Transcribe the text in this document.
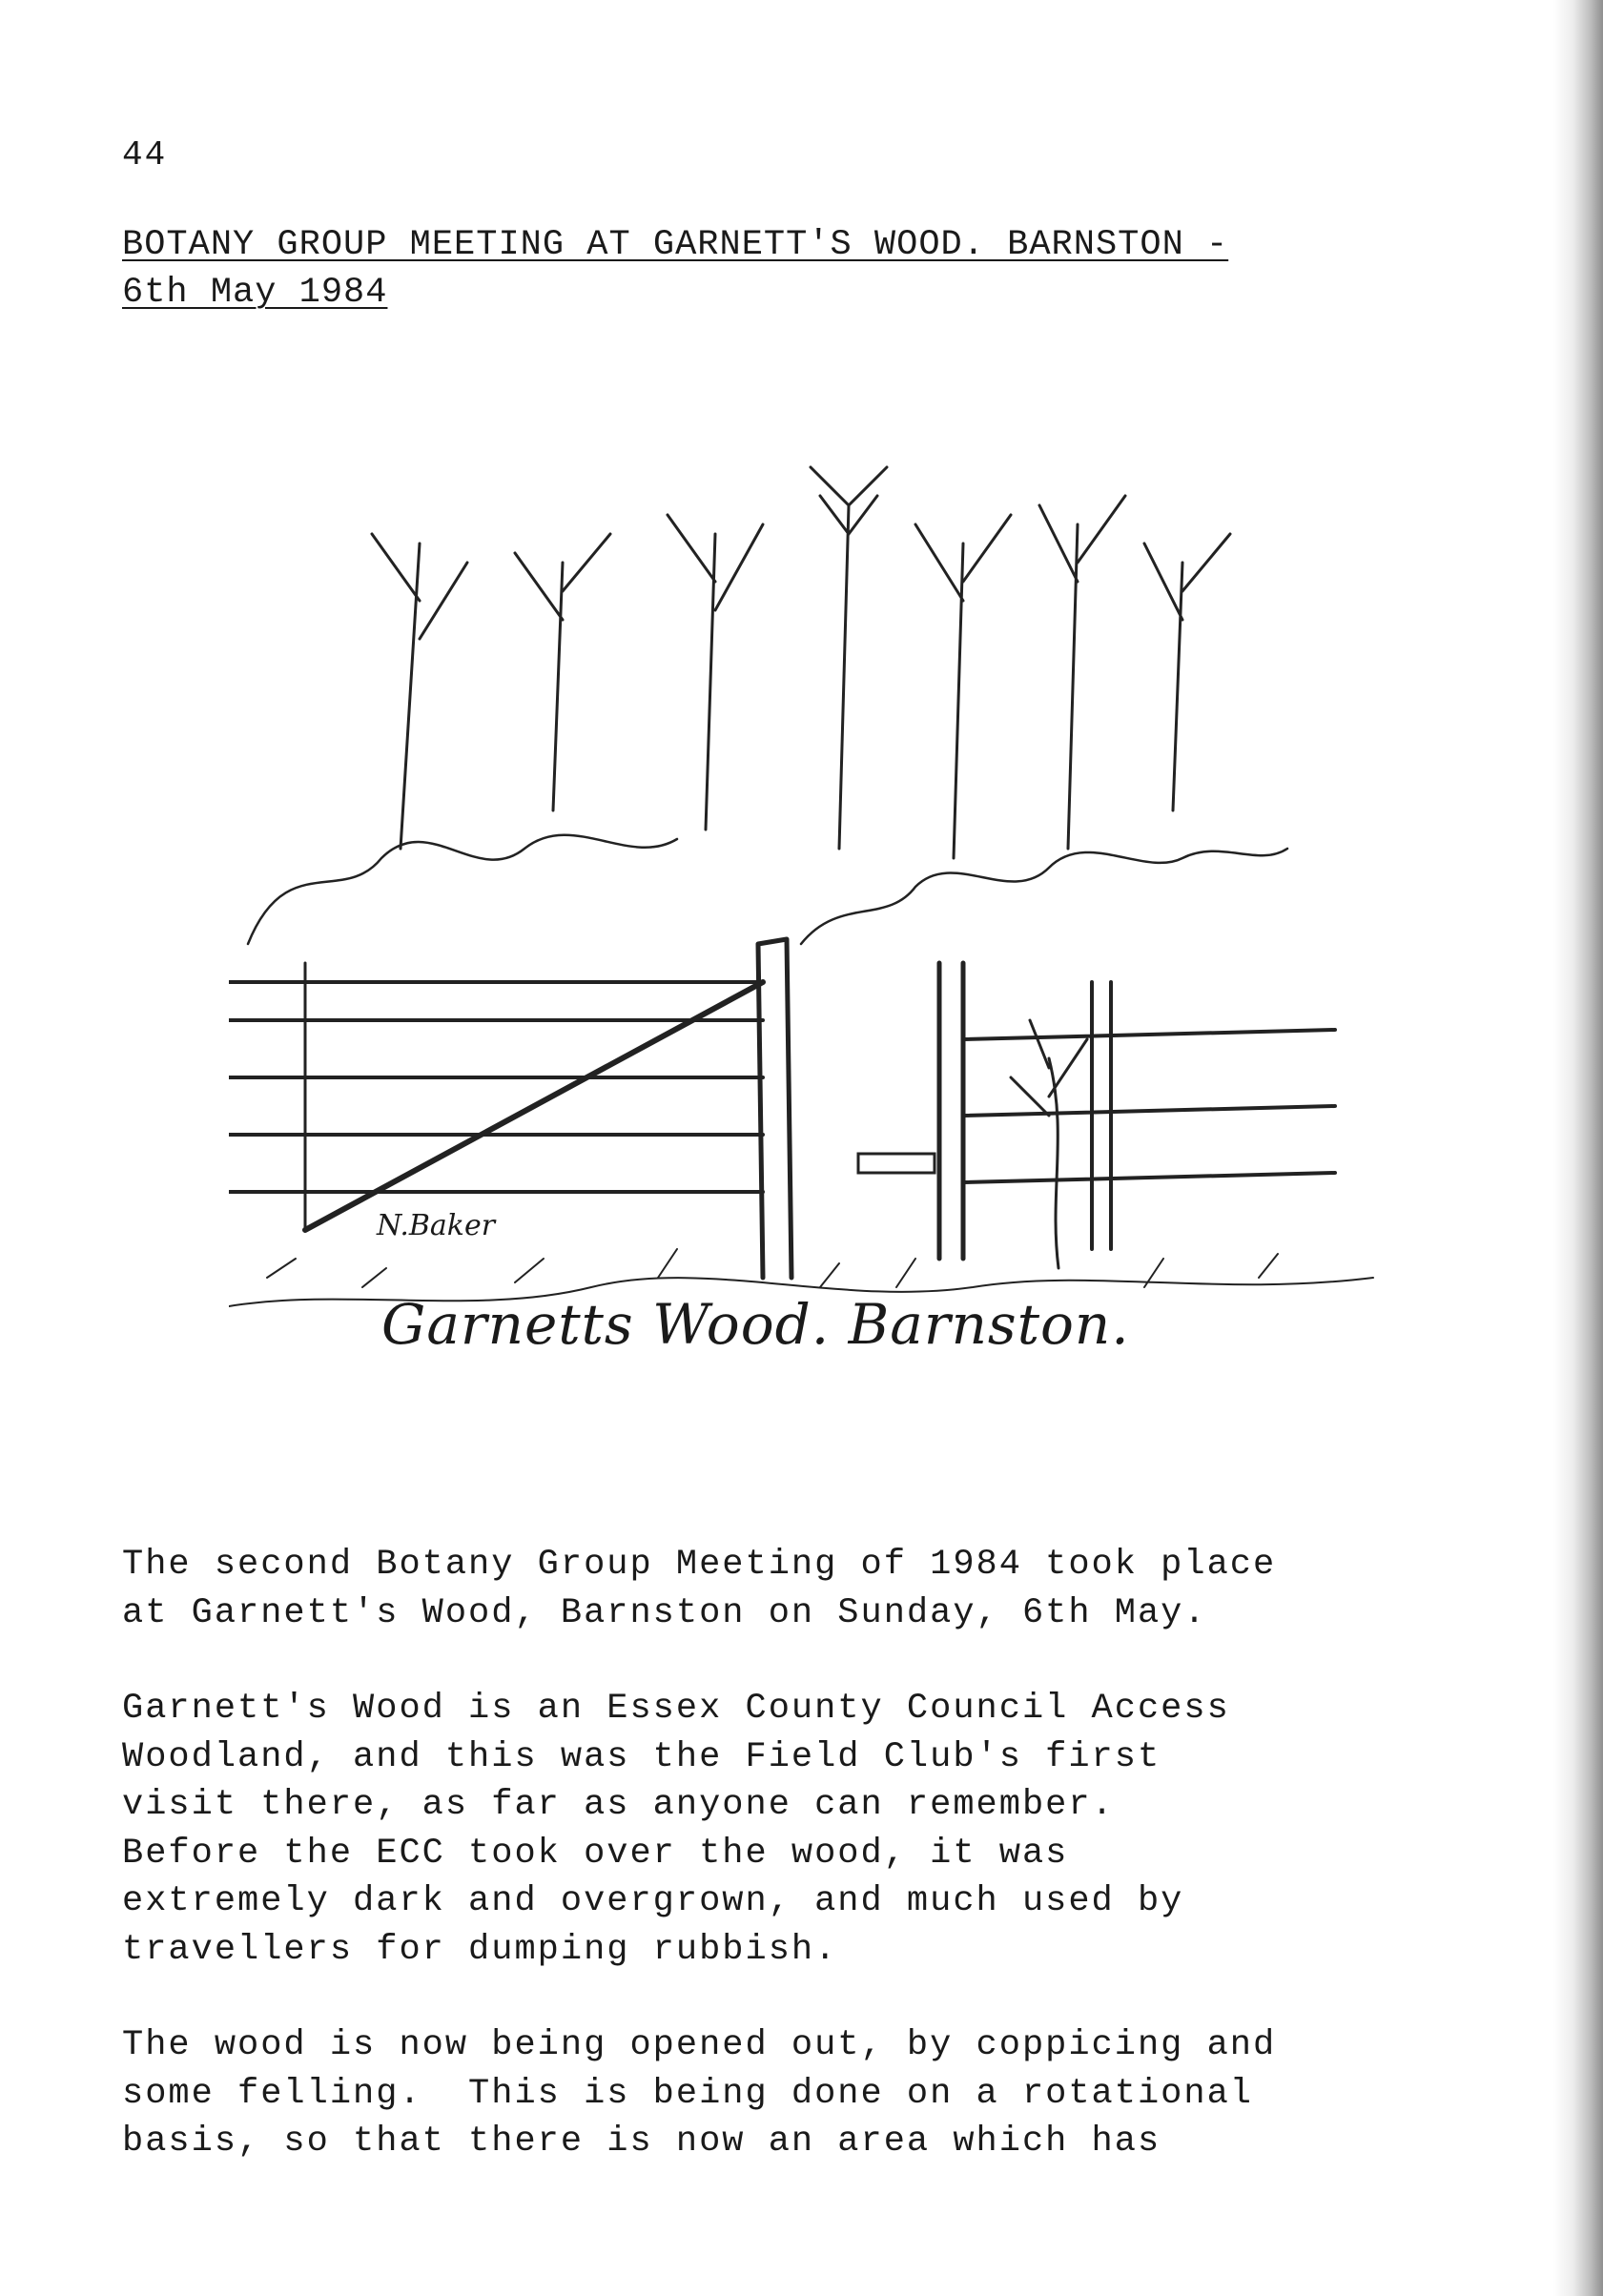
44
BOTANY GROUP MEETING AT GARNETT'S WOOD. BARNSTON -
6th May 1984
N.Baker
Garnetts Wood. Barnston.
The second Botany Group Meeting of 1984 took place
at Garnett's Wood, Barnston on Sunday, 6th May.
Garnett's Wood is an Essex County Council Access
Woodland, and this was the Field Club's first
visit there, as far as anyone can remember.
Before the ECC took over the wood, it was
extremely dark and overgrown, and much used by
travellers for dumping rubbish.
The wood is now being opened out, by coppicing and
some felling.  This is being done on a rotational
basis, so that there is now an area which has
